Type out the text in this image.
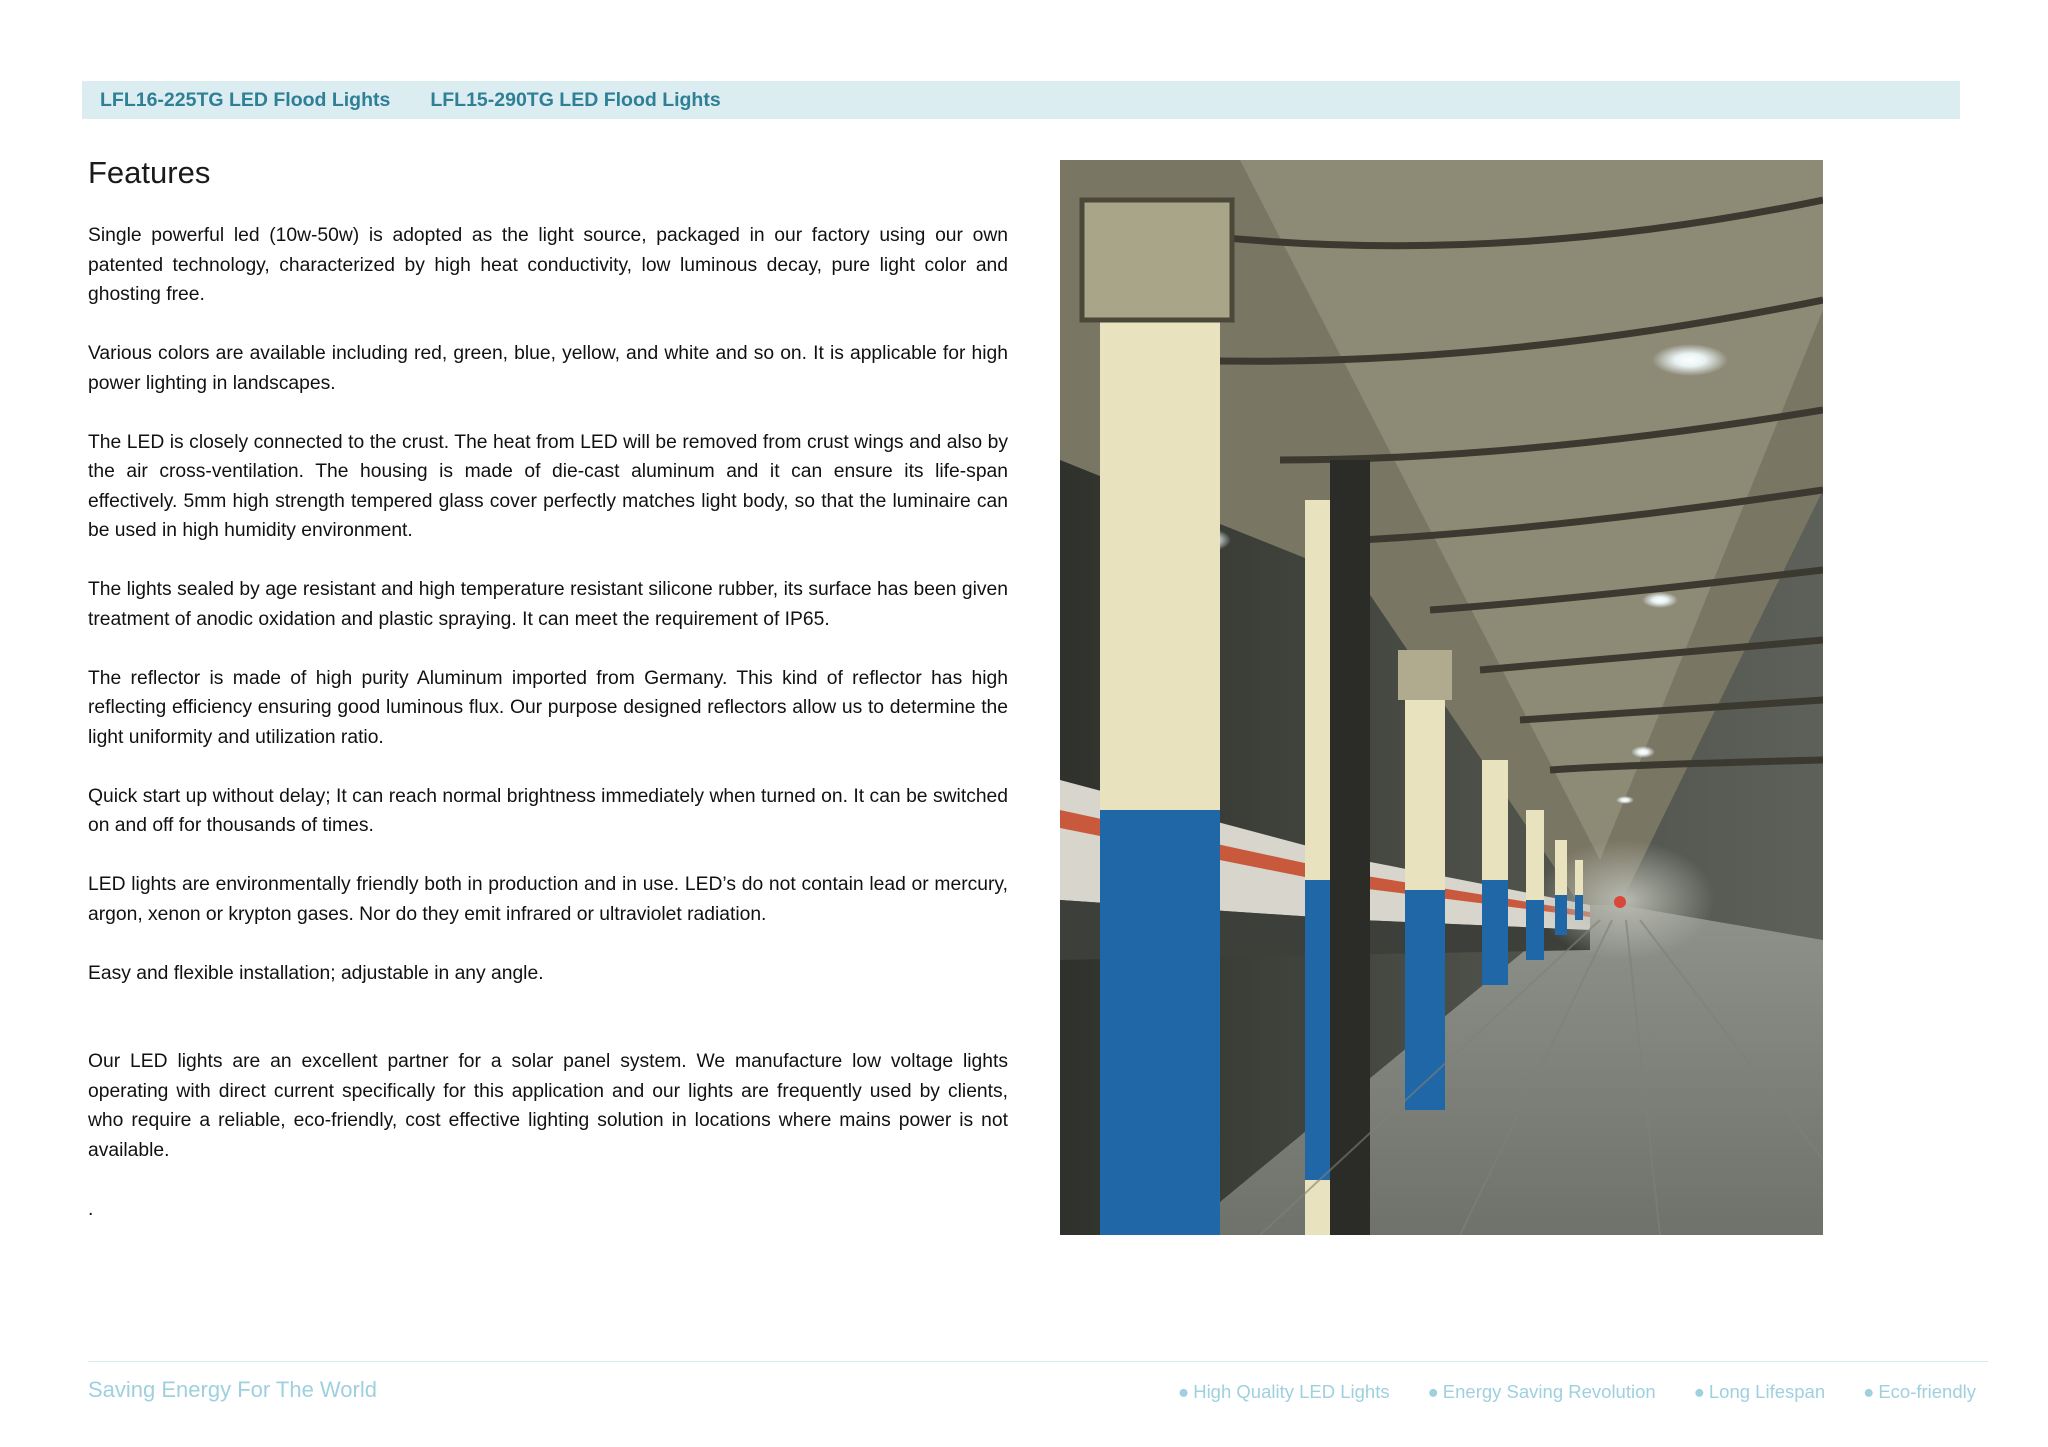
LFL16-225TG LED Flood Lights LFL15-290TG LED Flood Lights
Features

Single powerful led (10w-50w) is adopted as the light source, packaged in our factory using our own patented technology, characterized by high heat conductivity, low luminous decay, pure light color and ghosting free.

Various colors are available including red, green, blue, yellow, and white and so on. It is applicable for high power lighting in landscapes.

The LED is closely connected to the crust. The heat from LED will be removed from crust wings and also by the air cross-ventilation. The housing is made of die-cast aluminum and it can ensure its life-span effectively. 5mm high strength tempered glass cover perfectly matches light body, so that the luminaire can be used in high humidity environment.

The lights sealed by age resistant and high temperature resistant silicone rubber, its surface has been given treatment of anodic oxidation and plastic spraying. It can meet the requirement of IP65.

The reflector is made of high purity Aluminum imported from Germany. This kind of reflector has high reflecting efficiency ensuring good luminous flux. Our purpose designed reflectors allow us to determine the light uniformity and utilization ratio.

Quick start up without delay; It can reach normal brightness immediately when turned on. It can be switched on and off for thousands of times.

LED lights are environmentally friendly both in production and in use. LED’s do not contain lead or mercury, argon, xenon or krypton gases. Nor do they emit infrared or ultraviolet radiation.

Easy and flexible installation; adjustable in any angle.

Our LED lights are an excellent partner for a solar panel system. We manufacture low voltage lights operating with direct current specifically for this application and our lights are frequently used by clients, who require a reliable, eco-friendly, cost effective lighting solution in locations where mains power is not available.

.

Saving Energy For The World	● High Quality LED Lights ● Energy Saving Revolution ● Long Lifespan ● Eco-friendly
